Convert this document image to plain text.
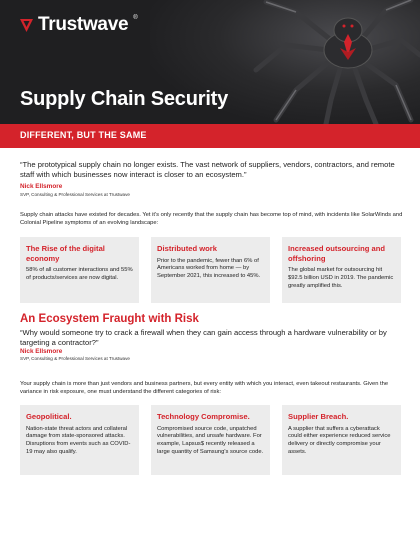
Trustwave ®
Supply Chain Security
DIFFERENT, BUT THE SAME
“The prototypical supply chain no longer exists. The vast network of suppliers, vendors, contractors, and remote staff with which businesses now interact is closer to an ecosystem.”
Nick Ellsmore
SVP, Consulting & Professional Services at Trustwave
Supply chain attacks have existed for decades. Yet it's only recently that the supply chain has become top of mind, with incidents like SolarWinds and Colonial Pipeline symptoms of an evolving landscape:
The Rise of the digital economy
58% of all customer interactions and 55% of products/services are now digital.
Distributed work
Prior to the pandemic, fewer than 6% of Americans worked from home — by September 2021, this increased to 45%.
Increased outsourcing and offshoring
The global market for outsourcing hit $92.5 billion USD in 2019. The pandemic greatly amplified this.
An Ecosystem Fraught with Risk
“Why would someone try to crack a firewall when they can gain access through a hardware vulnerability or by targeting a contractor?”
Nick Ellsmore
SVP, Consulting & Professional Services at Trustwave
Your supply chain is more than just vendors and business partners, but every entity with which you interact, even takeout restaurants. Given the variance in risk exposure, one must understand the different categories of risk:
Geopolitical.
Nation-state threat actors and collateral damage from state-sponsored attacks. Disruptions from events such as COVID-19 may also qualify.
Technology Compromise.
Compromised source code, unpatched vulnerabilities, and unsafe hardware. For example, Lapsus$ recently released a large quantity of Samsung's source code.
Supplier Breach.
A supplier that suffers a cyberattack could either experience reduced service delivery or directly compromise your assets.
